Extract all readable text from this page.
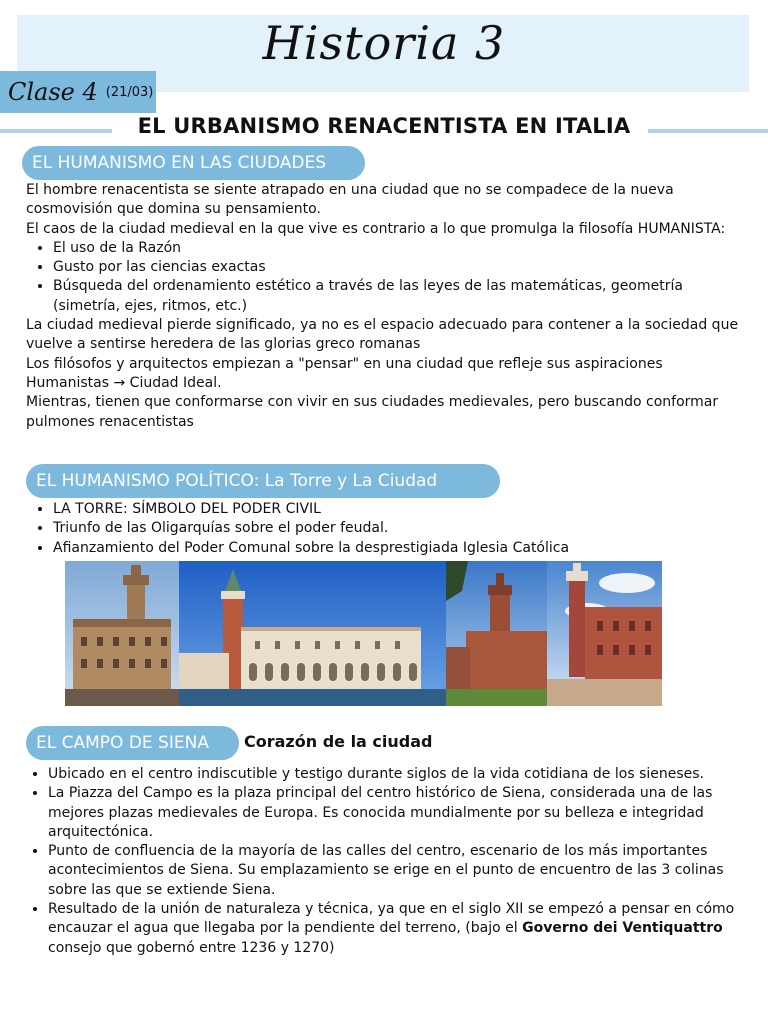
Historia 3
Clase 4 (21/03)
EL URBANISMO RENACENTISTA EN ITALIA
EL HUMANISMO EN LAS CIUDADES

El hombre renacentista se siente atrapado en una ciudad que no se compadece de la nueva cosmovisión que domina su pensamiento.

El caos de la ciudad medieval en la que vive es contrario a lo que promulga la filosofía HUMANISTA:

• El uso de la Razón
• Gusto por las ciencias exactas
• Búsqueda del ordenamiento estético a través de las leyes de las matemáticas, geometría (simetría, ejes, ritmos, etc.)

La ciudad medieval pierde significado, ya no es el espacio adecuado para contener a la sociedad que vuelve a sentirse heredera de las glorias greco romanas

Los filósofos y arquitectos empiezan a "pensar" en una ciudad que refleje sus aspiraciones Humanistas → Ciudad Ideal.

Mientras, tienen que conformarse con vivir en sus ciudades medievales, pero buscando conformar pulmones renacentistas

EL HUMANISMO POLÍTICO: La Torre y La Ciudad
• LA TORRE: SÍMBOLO DEL PODER CIVIL
• Triunfo de las Oligarquías sobre el poder feudal.
• Afianzamiento del Poder Comunal sobre la desprestigiada Iglesia Católica
EL CAMPO DE SIENA Corazón de la ciudad
• Ubicado en el centro indiscutible y testigo durante siglos de la vida cotidiana de los sieneses.
• La Piazza del Campo es la plaza principal del centro histórico de Siena, considerada una de las mejores plazas medievales de Europa. Es conocida mundialmente por su belleza e integridad arquitectónica.
• Punto de confluencia de la mayoría de las calles del centro, escenario de los más importantes acontecimientos de Siena. Su emplazamiento se erige en el punto de encuentro de las 3 colinas sobre las que se extiende Siena.
• Resultado de la unión de naturaleza y técnica, ya que en el siglo XII se empezó a pensar en cómo encauzar el agua que llegaba por la pendiente del terreno, (bajo el Governo dei Ventiquattro consejo que gobernó entre 1236 y 1270)
